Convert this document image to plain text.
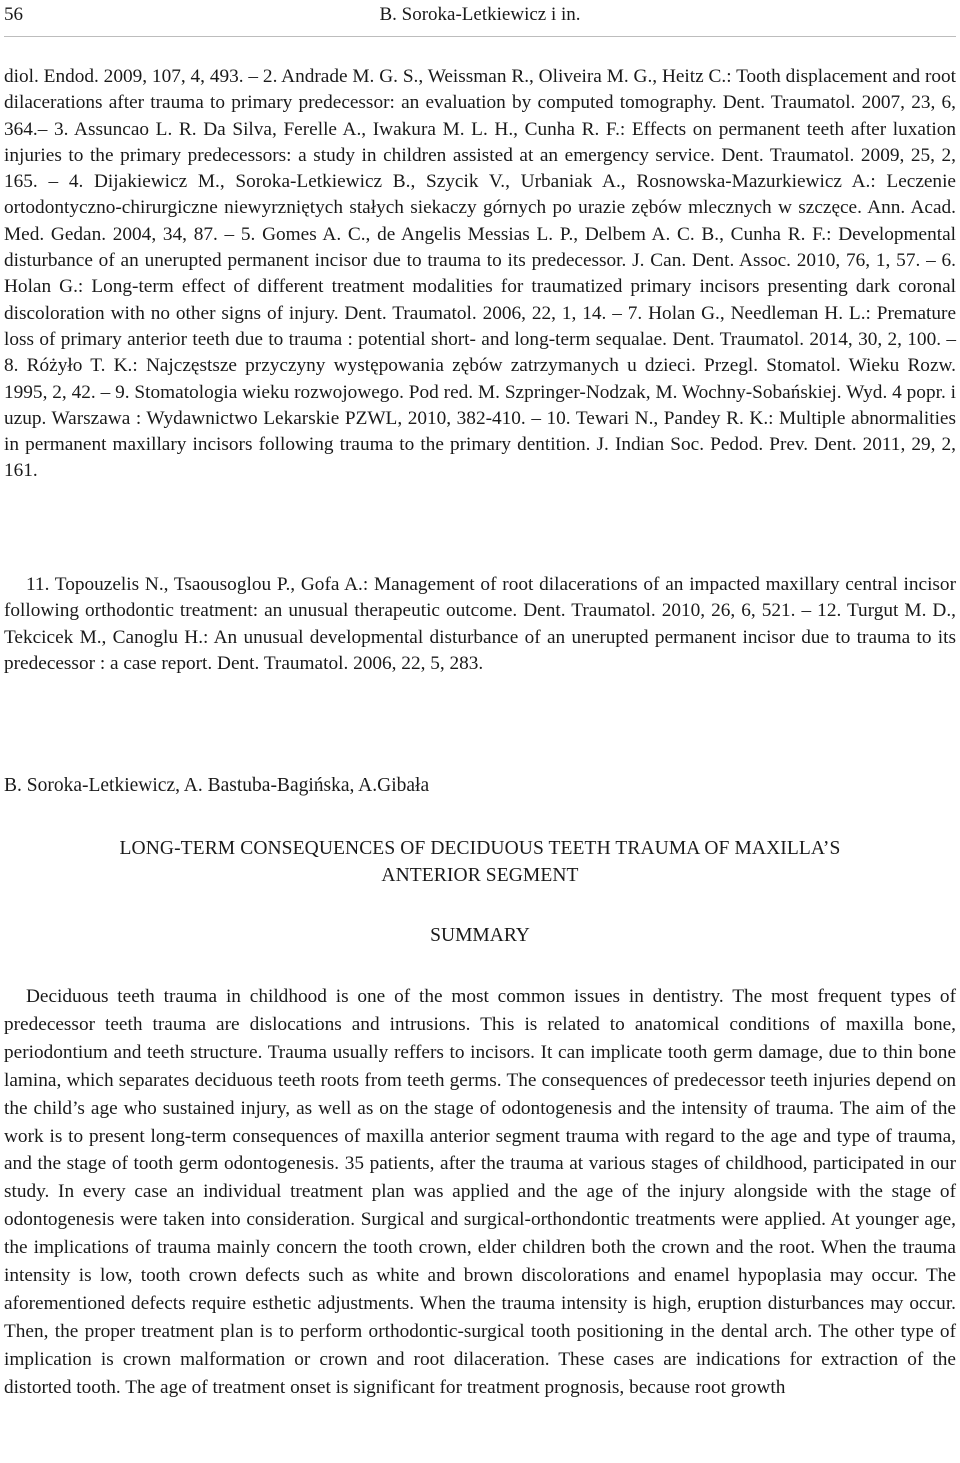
56	B. Soroka-Letkiewicz i in.

diol. Endod. 2009, 107, 4, 493. – 2. Andrade M. G. S., Weissman R., Oliveira M. G., Heitz C.: Tooth displacement and root dilacerations after trauma to primary predecessor: an evaluation by computed tomography. Dent. Traumatol. 2007, 23, 6, 364.– 3. Assuncao L. R. Da Silva, Ferelle A., Iwakura M. L. H., Cunha R. F.: Effects on permanent teeth after luxation injuries to the primary predecessors: a study in children assisted at an emergency service. Dent. Traumatol. 2009, 25, 2, 165. – 4. Dijakiewicz M., Soroka-Letkiewicz B., Szycik V., Urbaniak A., Rosnowska-Mazurkiewicz A.: Leczenie ortodontyczno-chirurgiczne niewyrzniętych stałych siekaczy górnych po urazie zębów mlecznych w szczęce. Ann. Acad. Med. Gedan. 2004, 34, 87. – 5. Gomes A. C., de Angelis Messias L. P., Delbem A. C. B., Cunha R. F.: Developmental disturbance of an unerupted permanent incisor due to trauma to its predecessor. J. Can. Dent. Assoc. 2010, 76, 1, 57. – 6. Holan G.: Long-term effect of different treatment modalities for traumatized primary incisors presenting dark coronal discoloration with no other signs of injury. Dent. Traumatol. 2006, 22, 1, 14. – 7. Holan G., Needleman H. L.: Premature loss of primary anterior teeth due to trauma : potential short- and long-term sequalae. Dent. Traumatol. 2014, 30, 2, 100. – 8. Różyło T. K.: Najczęstsze przyczyny występowania zębów zatrzymanych u dzieci. Przegl. Stomatol. Wieku Rozw. 1995, 2, 42. – 9. Stomatologia wieku rozwojowego. Pod red. M. Szpringer-Nodzak, M. Wochny-Sobańskiej. Wyd. 4 popr. i uzup. Warszawa : Wydawnictwo Lekarskie PZWL, 2010, 382-410. – 10. Tewari N., Pandey R. K.: Multiple abnormalities in permanent maxillary incisors following trauma to the primary dentition. J. Indian Soc. Pedod. Prev. Dent. 2011, 29, 2, 161.

11. Topouzelis N., Tsaousoglou P., Gofa A.: Management of root dilacerations of an impacted maxillary central incisor following orthodontic treatment: an unusual therapeutic outcome. Dent. Traumatol. 2010, 26, 6, 521. – 12. Turgut M. D., Tekcicek M., Canoglu H.: An unusual developmental disturbance of an unerupted permanent incisor due to trauma to its predecessor : a case report. Dent. Traumatol. 2006, 22, 5, 283.

B. Soroka-Letkiewicz, A. Bastuba-Bagińska, A.Gibała

LONG-TERM CONSEQUENCES OF DECIDUOUS TEETH TRAUMA OF MAXILLA’S
ANTERIOR SEGMENT

SUMMARY

Deciduous teeth trauma in childhood is one of the most common issues in dentistry. The most frequent types of predecessor teeth trauma are dislocations and intrusions. This is related to anatomical conditions of maxilla bone, periodontium and teeth structure. Trauma usually reffers to incisors. It can implicate tooth germ damage, due to thin bone lamina, which separates deciduous teeth roots from teeth germs. The consequences of predecessor teeth injuries depend on the child’s age who sustained injury, as well as on the stage of odontogenesis and the intensity of trauma. The aim of the work is to present long-term consequences of maxilla anterior segment trauma with regard to the age and type of trauma, and the stage of tooth germ odontogenesis. 35 patients, after the trauma at various stages of childhood, participated in our study. In every case an individual treatment plan was applied and the age of the injury alongside with the stage of odontogenesis were taken into consideration. Surgical and surgical-orthondontic treatments were applied. At younger age, the implications of trauma mainly concern the tooth crown, elder children both the crown and the root. When the trauma intensity is low, tooth crown defects such as white and brown discolorations and enamel hypoplasia may occur. The aforementioned defects require esthetic adjustments. When the trauma intensity is high, eruption disturbances may occur. Then, the proper treatment plan is to perform orthodontic-surgical tooth positioning in the dental arch. The other type of implication is crown malformation or crown and root dilaceration. These cases are indications for extraction of the distorted tooth. The age of treatment onset is significant for treatment prognosis, because root growth
